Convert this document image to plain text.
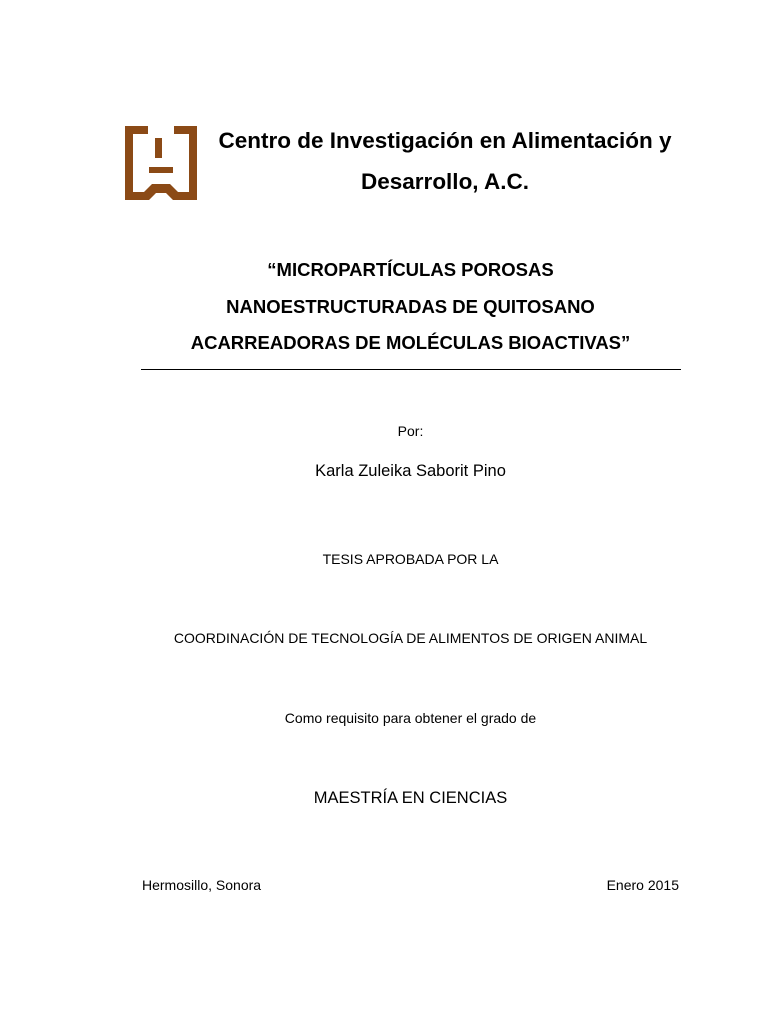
Centro de Investigación en Alimentación y
Desarrollo, A.C.
“MICROPARTÍCULAS POROSAS
NANOESTRUCTURADAS DE QUITOSANO
ACARREADORAS DE MOLÉCULAS BIOACTIVAS”
Por:
Karla Zuleika Saborit Pino
TESIS APROBADA POR LA
COORDINACIÓN DE TECNOLOGÍA DE ALIMENTOS DE ORIGEN ANIMAL
Como requisito para obtener el grado de
MAESTRÍA EN CIENCIAS
Hermosillo, Sonora	Enero 2015
